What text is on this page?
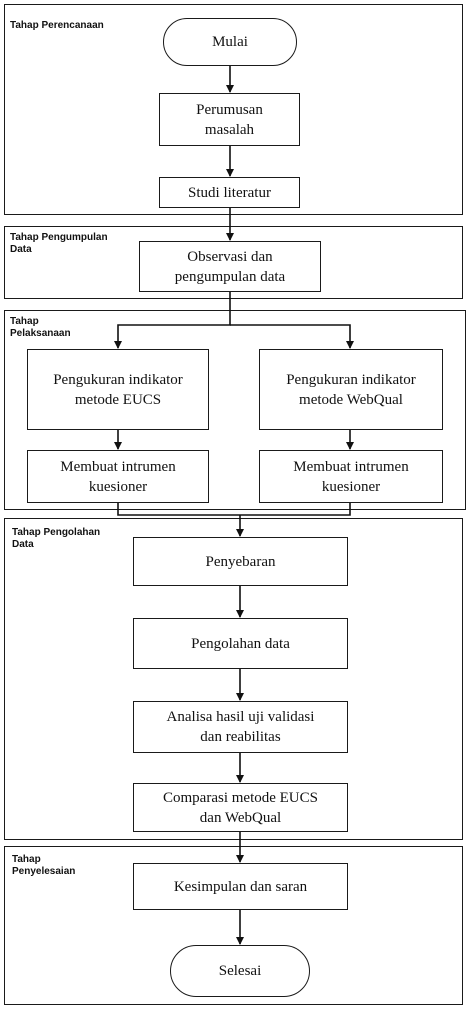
Tahap Perencanaan
Tahap Pengumpulan
Data
Tahap
Pelaksanaan
Tahap Pengolahan
Data
Tahap
Penyelesaian
Mulai
Perumusan
masalah
Studi literatur
Observasi dan
pengumpulan data
Pengukuran indikator
metode EUCS
Pengukuran indikator
metode WebQual
Membuat intrumen
kuesioner
Membuat intrumen
kuesioner
Penyebaran
Pengolahan data
Analisa hasil uji validasi
dan reabilitas
Comparasi metode EUCS
dan WebQual
Kesimpulan dan saran
Selesai
